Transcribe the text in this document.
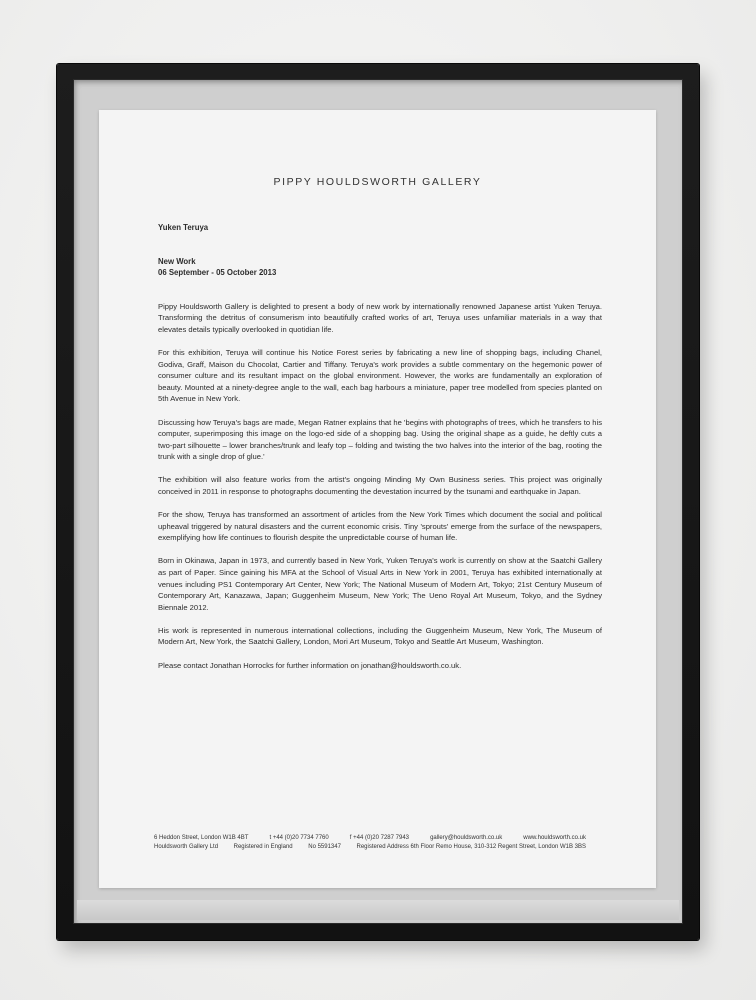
PIPPY HOULDSWORTH GALLERY

Yuken Teruya

New Work

06 September - 05 October 2013

Pippy Houldsworth Gallery is delighted to present a body of new work by internationally renowned Japanese artist Yuken Teruya. Transforming the detritus of consumerism into beautifully crafted works of art, Teruya uses unfamiliar materials in a way that elevates details typically overlooked in quotidian life.

For this exhibition, Teruya will continue his Notice Forest series by fabricating a new line of shopping bags, including Chanel, Godiva, Graff, Maison du Chocolat, Cartier and Tiffany. Teruya's work provides a subtle commentary on the hegemonic power of consumer culture and its resultant impact on the global environment. However, the works are fundamentally an exploration of beauty. Mounted at a ninety-degree angle to the wall, each bag harbours a miniature, paper tree modelled from species planted on 5th Avenue in New York.

Discussing how Teruya's bags are made, Megan Ratner explains that he 'begins with photographs of trees, which he transfers to his computer, superimposing this image on the logo-ed side of a shopping bag. Using the original shape as a guide, he deftly cuts a two-part silhouette – lower branches/trunk and leafy top – folding and twisting the two halves into the interior of the bag, rooting the trunk with a single drop of glue.'

The exhibition will also feature works from the artist's ongoing Minding My Own Business series. This project was originally conceived in 2011 in response to photographs documenting the devestation incurred by the tsunami and earthquake in Japan.

For the show, Teruya has transformed an assortment of articles from the New York Times which document the social and political upheaval triggered by natural disasters and the current economic crisis. Tiny 'sprouts' emerge from the surface of the newspapers, exemplifying how life continues to flourish despite the unpredictable course of human life.

Born in Okinawa, Japan in 1973, and currently based in New York, Yuken Teruya's work is currently on show at the Saatchi Gallery as part of Paper. Since gaining his MFA at the School of Visual Arts in New York in 2001, Teruya has exhibited internationally at venues including PS1 Contemporary Art Center, New York; The National Museum of Modern Art, Tokyo; 21st Century Museum of Contemporary Art, Kanazawa, Japan; Guggenheim Museum, New York; The Ueno Royal Art Museum, Tokyo, and the Sydney Biennale 2012.

His work is represented in numerous international collections, including the Guggenheim Museum, New York, The Museum of Modern Art, New York, the Saatchi Gallery, London, Mori Art Museum, Tokyo and Seattle Art Museum, Washington.

Please contact Jonathan Horrocks for further information on jonathan@houldsworth.co.uk.

6 Heddon Street, London W1B 4BT	t +44 (0)20 7734 7760	f +44 (0)20 7287 7943	gallery@houldsworth.co.uk	www.houldsworth.co.uk
Houldsworth Gallery Ltd	Registered in England	No 5591347	Registered Address 6th Floor Remo House, 310-312 Regent Street, London W1B 3BS
